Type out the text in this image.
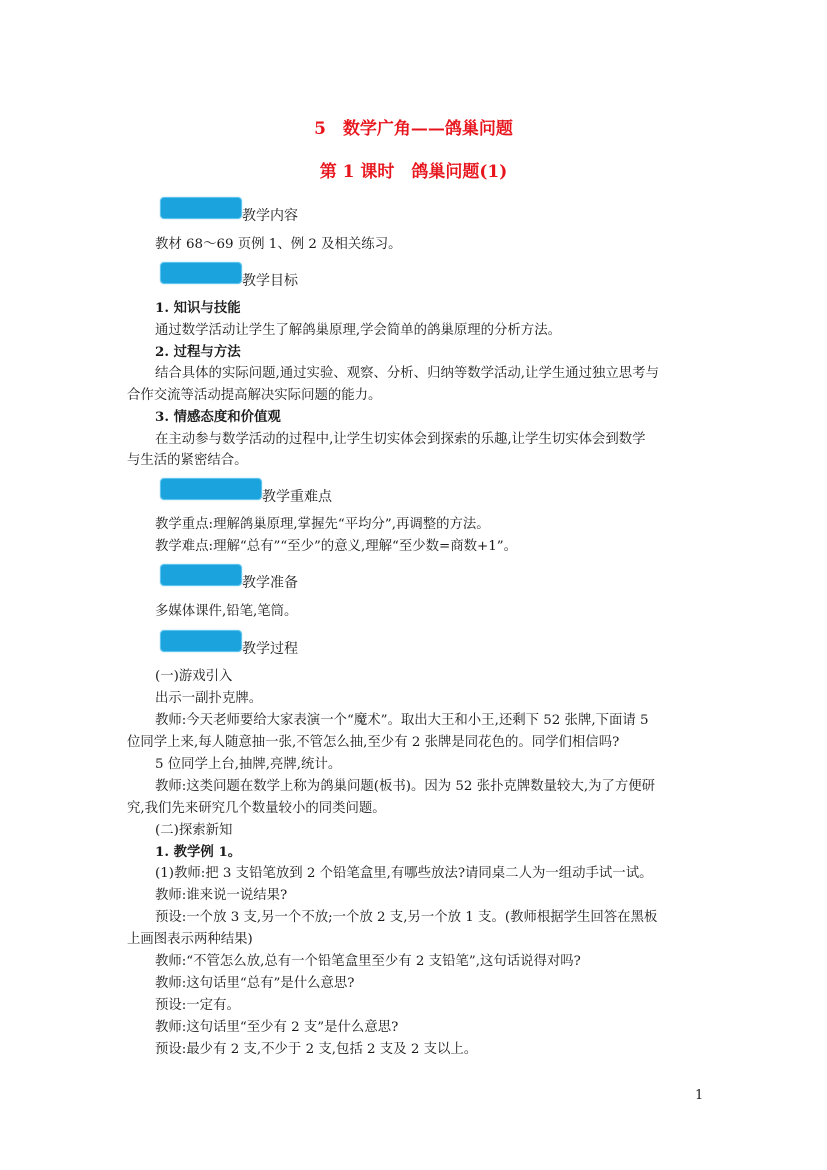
5　数学广角——鸽巢问题
第 1 课时　鸽巢问题(1)
教学内容
教材 68～69 页例 1、例 2 及相关练习。
教学目标
1. 知识与技能
通过数学活动让学生了解鸽巢原理,学会简单的鸽巢原理的分析方法。
2. 过程与方法
结合具体的实际问题,通过实验、观察、分析、归纳等数学活动,让学生通过独立思考与
合作交流等活动提高解决实际问题的能力。
3. 情感态度和价值观
在主动参与数学活动的过程中,让学生切实体会到探索的乐趣,让学生切实体会到数学
与生活的紧密结合。
教学重难点
教学重点:理解鸽巢原理,掌握先“平均分”,再调整的方法。
教学难点:理解“总有”“至少”的意义,理解“至少数=商数+1”。
教学准备
多媒体课件,铅笔,笔筒。
教学过程
(一)游戏引入
出示一副扑克牌。
教师:今天老师要给大家表演一个“魔术”。取出大王和小王,还剩下 52 张牌,下面请 5
位同学上来,每人随意抽一张,不管怎么抽,至少有 2 张牌是同花色的。同学们相信吗?
5 位同学上台,抽牌,亮牌,统计。
教师:这类问题在数学上称为鸽巢问题(板书)。因为 52 张扑克牌数量较大,为了方便研
究,我们先来研究几个数量较小的同类问题。
(二)探索新知
1. 教学例 1。
(1)教师:把 3 支铅笔放到 2 个铅笔盒里,有哪些放法?请同桌二人为一组动手试一试。
教师:谁来说一说结果?
预设:一个放 3 支,另一个不放;一个放 2 支,另一个放 1 支。(教师根据学生回答在黑板
上画图表示两种结果)
教师:“不管怎么放,总有一个铅笔盒里至少有 2 支铅笔”,这句话说得对吗?
教师:这句话里“总有”是什么意思?
预设:一定有。
教师:这句话里“至少有 2 支”是什么意思?
预设:最少有 2 支,不少于 2 支,包括 2 支及 2 支以上。
1
